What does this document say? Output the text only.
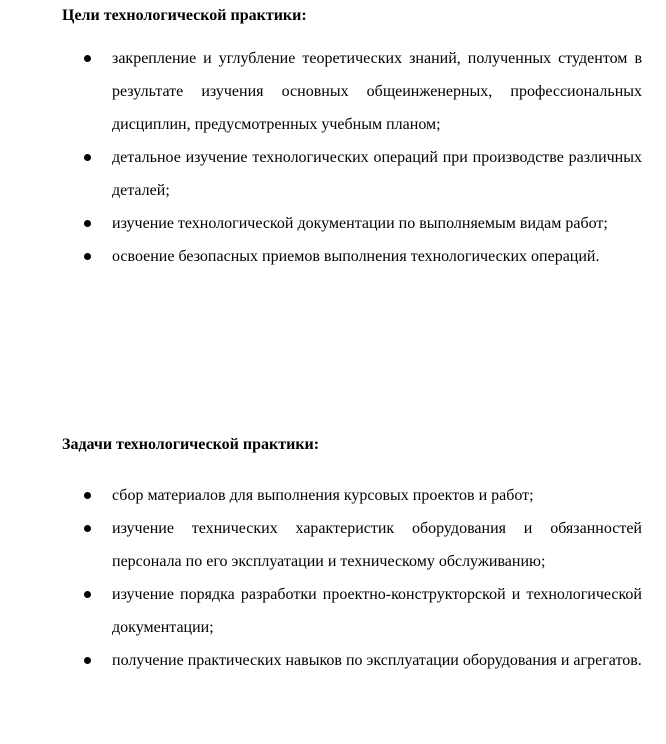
Цели технологической практики:
закрепление и углубление теоретических знаний, полученных студентом в результате изучения основных общеинженерных, профессиональных дисциплин, предусмотренных учебным планом;
детальное изучение технологических операций при производстве различных деталей;
изучение технологической документации по выполняемым видам работ;
освоение безопасных приемов выполнения технологических операций.
Задачи технологической практики:
сбор материалов для выполнения курсовых проектов и работ;
изучение технических характеристик оборудования и обязанностей персонала по его эксплуатации и техническому обслуживанию;
изучение порядка разработки проектно-конструкторской и технологической документации;
получение практических навыков по эксплуатации оборудования и агрегатов.
